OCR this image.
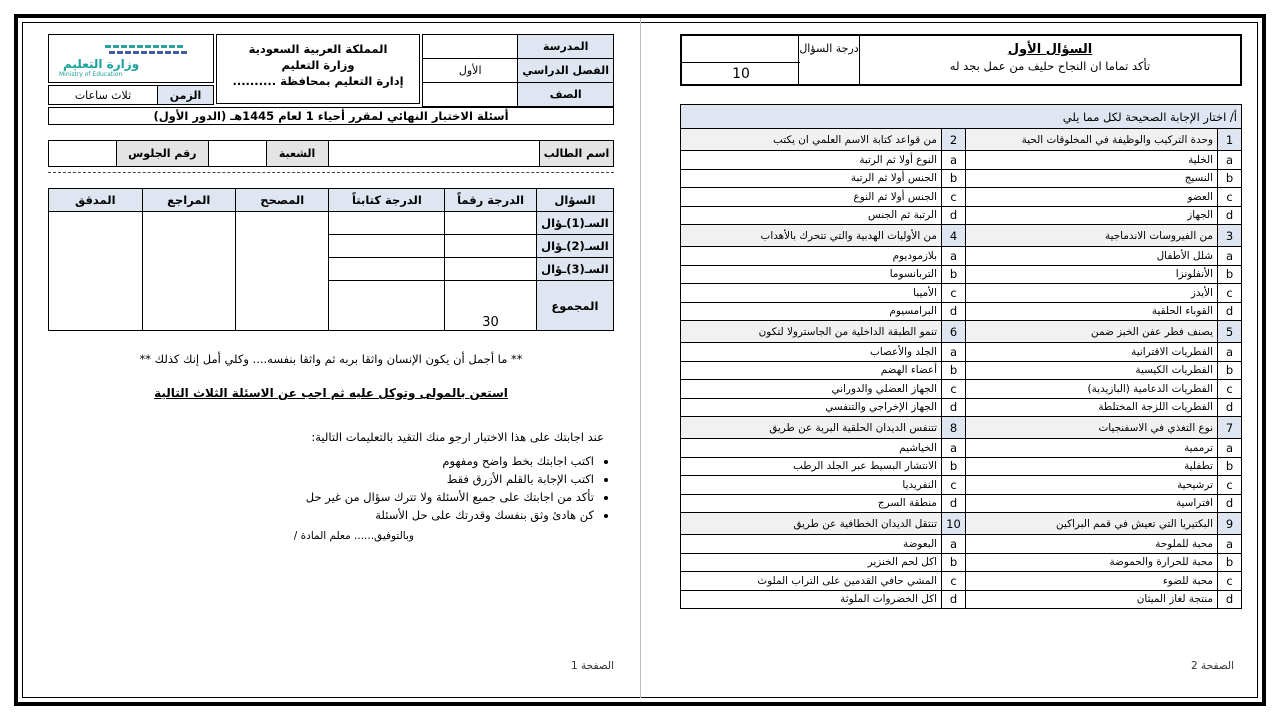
المدرسة	
الفصل الدراسي	الأول
الصف	
المملكة العربية السعودية
وزارة التعليم
إدارة التعليم بمحافظة ..........
وزارة التعليم
Ministry of Education
الزمن	ثلاث ساعات
أسئلة الاختبار النهائي لمقرر أحياء 1 لعام 1445هـ (الدور الأول)
اسم الطالب		الشعبة		رقم الجلوس	
السؤال	الدرجة رقماً	الدرجة كتابتاً	المصحح	المراجع	المدقق
السـ(1)ـؤال					
السـ(2)ـؤال					
السـ(3)ـؤال					
المجموع	30				
** ما أجمل أن يكون الإنسان واثقا بربه ثم واثقا بنفسه.... وكلي أمل إنك كذلك **
استعن بالمولى وتوكل عليه ثم اجب عن الاسئلة الثلاث التالية
عند اجابتك على هذا الاختبار ارجو منك التقيد بالتعليمات التالية:
• اكتب اجابتك بخط واضح ومفهوم
• اكتب الإجابة بالقلم الأزرق فقط
• تأكد من اجابتك على جميع الأسئلة ولا تترك سؤال من غير حل
• كن هادئ وثق بنفسك وقدرتك على حل الأسئلة
وبالتوفيق...... معلم المادة /
الصفحة 1
السؤال الأول
تأكد تماما ان النجاح حليف من عمل بجد له
درجة السؤال
10
أ/ اختار الإجابة الصحيحة لكل مما يلي			
1	وحدة التركيب والوظيفة في المخلوقات الحية	2	من قواعد كتابة الاسم العلمي ان يكتب
a	الخلية	a	النوع أولا ثم الرتبة
b	النسيج	b	الجنس أولا ثم الرتبة
c	العضو	c	الجنس أولا ثم النوع
d	الجهاز	d	الرتبة ثم الجنس
3	من الفيروسات الاندماجية	4	من الأوليات الهدبية والتي تتحرك بالأهداب
a	شلل الأطفال	a	بلازموديوم
b	الأنفلونزا	b	التربانسوما
c	الأيدز	c	الأميبا
d	القوباء الحلقية	d	البرامسيوم
5	يصنف فطر عفن الخبز ضمن	6	تنمو الطبقة الداخلية من الجاسترولا لتكون
a	الفطريات الاقترانية	a	الجلد والأعصاب
b	الفطريات الكيسية	b	أعضاء الهضم
c	الفطريات الدعامية (البازيدية)	c	الجهاز العضلي والدوراني
d	الفطريات اللزجة المختلطة	d	الجهاز الإخراجي والتنفسي
7	نوع التغذي في الاسفنجيات	8	تتنفس الديدان الحلقية البرية عن طريق
a	ترممية	a	الخياشيم
b	تطفلية	b	الانتشار البسيط عبر الجلد الرطب
c	ترشيحية	c	النفريديا
d	افتراسية	d	منطقة السرج
9	البكتيريا التي تعيش في قمم البراكين	10	تنتقل الديدان الخطافية عن طريق
a	محبة للملوحة	a	البعوضة
b	محبة للحرارة والحموضة	b	اكل لحم الخنزير
c	محبة للضوء	c	المشي حافي القدمين على التراب الملوث
d	منتجة لغاز الميثان	d	اكل الخضروات الملوثة
الصفحة 2
